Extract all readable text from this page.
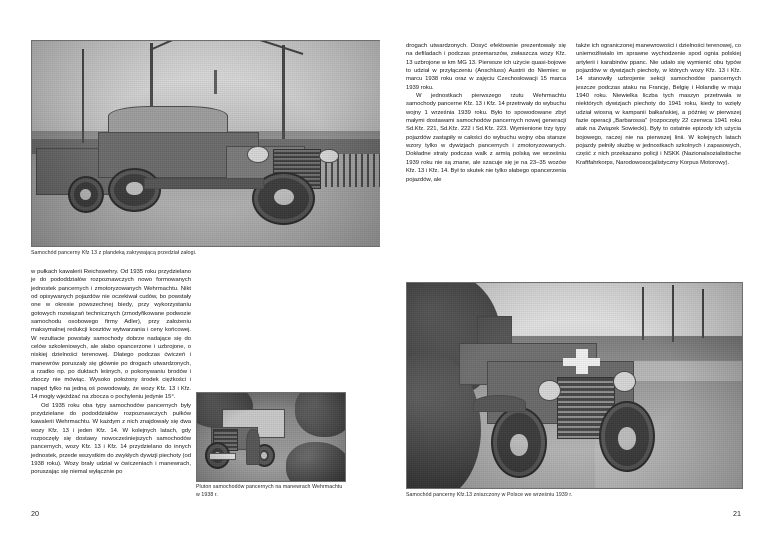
Samochód pancerny Kfz 13 z plandeką zakrywającą przedział załogi.

w pułkach kawalerii Reichswehry. Od 1935 roku przydzielano je do pododdziałów rozpoznawczych nowo formowanych jednostek pancernych i zmotoryzowanych Wehrmachtu. Nikt od opisywanych pojazdów nie oczekiwał cudów, bo powstały one w okresie powszechnej biedy, przy wykorzystaniu gotowych rozwiązań technicznych (zmodyfikowane podwozie samochodu osobowego firmy Adler), przy założeniu maksymalnej redukcji kosztów wytwarzania i ceny końcowej. W rezultacie powstały samochody dobrze nadające się do celów szkoleniowych, ale słabo opancerzone i uzbrojone, o niskiej dzielności terenowej. Dlatego podczas ćwiczeń i manewrów poruszały się głównie po drogach utwardzonych, a rzadko np. po duktach leśnych, o pokonywaniu brodów i zboczy nie mówiąc. Wysoko położony środek ciężkości i napęd tylko na jedną oś powodowały, że wozy Kfz. 13 i Kfz. 14 mogły wjeżdżać na zbocza o pochyleniu jedynie 15°.

Od 1935 roku oba typy samochodów pancernych były przydzielane do pododdziałów rozpoznawczych pułków kawalerii Wehrmachtu. W każdym z nich znajdowały się dwa wozy Kfz. 13 i jeden Kfz. 14. W kolejnych latach, gdy rozpoczęły się dostawy nowocześniejszych samochodów pancernych, wozy Kfz. 13 i Kfz. 14 przydzielano do innych jednostek, przede wszystkim do zwykłych dywizji piechoty (od 1938 roku). Wozy brały udział w ćwiczeniach i manewrach, poruszając się niemal wyłącznie po

Pluton samochodów pancernych na manewrach Wehrmachtu w 1938 r.
20

drogach utwardzonych. Dosyć efektownie prezentowały się na defiladach i podczas przemarszów, zwłaszcza wozy Kfz. 13 uzbrojone w km MG 13. Pierwsze ich użycie quasi-bojowe to udział w przyłączeniu (Anschluss) Austrii do Niemiec w marcu 1938 roku oraz w zajęciu Czechosłowacji 15 marca 1939 roku.

W jednostkach pierwszego rzutu Wehrmachtu samochody pancerne Kfz. 13 i Kfz. 14 przetrwały do wybuchu wojny 1 września 1939 roku. Było to spowodowane zbyt małymi dostawami samochodów pancernych nowej generacji Sd.Kfz. 221, Sd.Kfz. 222 i Sd.Kfz. 223. Wymienione trzy typy pojazdów zastąpiły w całości do wybuchu wojny oba starsze wzory tylko w dywizjach pancernych i zmotoryzowanych. Dokładne straty podczas walk z armią polską we wrześniu 1939 roku nie są znane, ale szacuje się je na 23–35 wozów Kfz. 13 i Kfz. 14. Był to skutek nie tylko słabego opancerzenia pojazdów, ale

także ich ograniczonej manewrowości i dzielności terenowej, co uniemożliwiało im sprawne wychodzenie spod ognia polskiej artylerii i karabinów ppanc. Nie udało się wymienić obu typów pojazdów w dywizjach piechoty, w których wozy Kfz. 13 i Kfz. 14 stanowiły uzbrojenie sekcji samochodów pancernych jeszcze podczas ataku na Francję, Belgię i Holandię w maju 1940 roku. Niewielka liczba tych maszyn przetrwała w niektórych dywizjach piechoty do 1941 roku, kiedy to wzięły udział wiosną w kampanii bałkańskiej, a później w pierwszej fazie operacji „Barbarossa" (rozpoczęty 22 czerwca 1941 roku atak na Związek Sowiecki). Były to ostatnie epizody ich użycia bojowego, raczej nie na pierwszej linii. W kolejnych latach pojazdy pełniły służbę w jednostkach szkolnych i zapasowych, część z nich przekazano policji i NSKK (Nazionalsozialistische Kraftfahrkorps, Narodowosocjalistyczny Korpus Motorowy).

Samochód pancerny Kfz.13 zniszczony w Polsce we wrześniu 1939 r.
21
